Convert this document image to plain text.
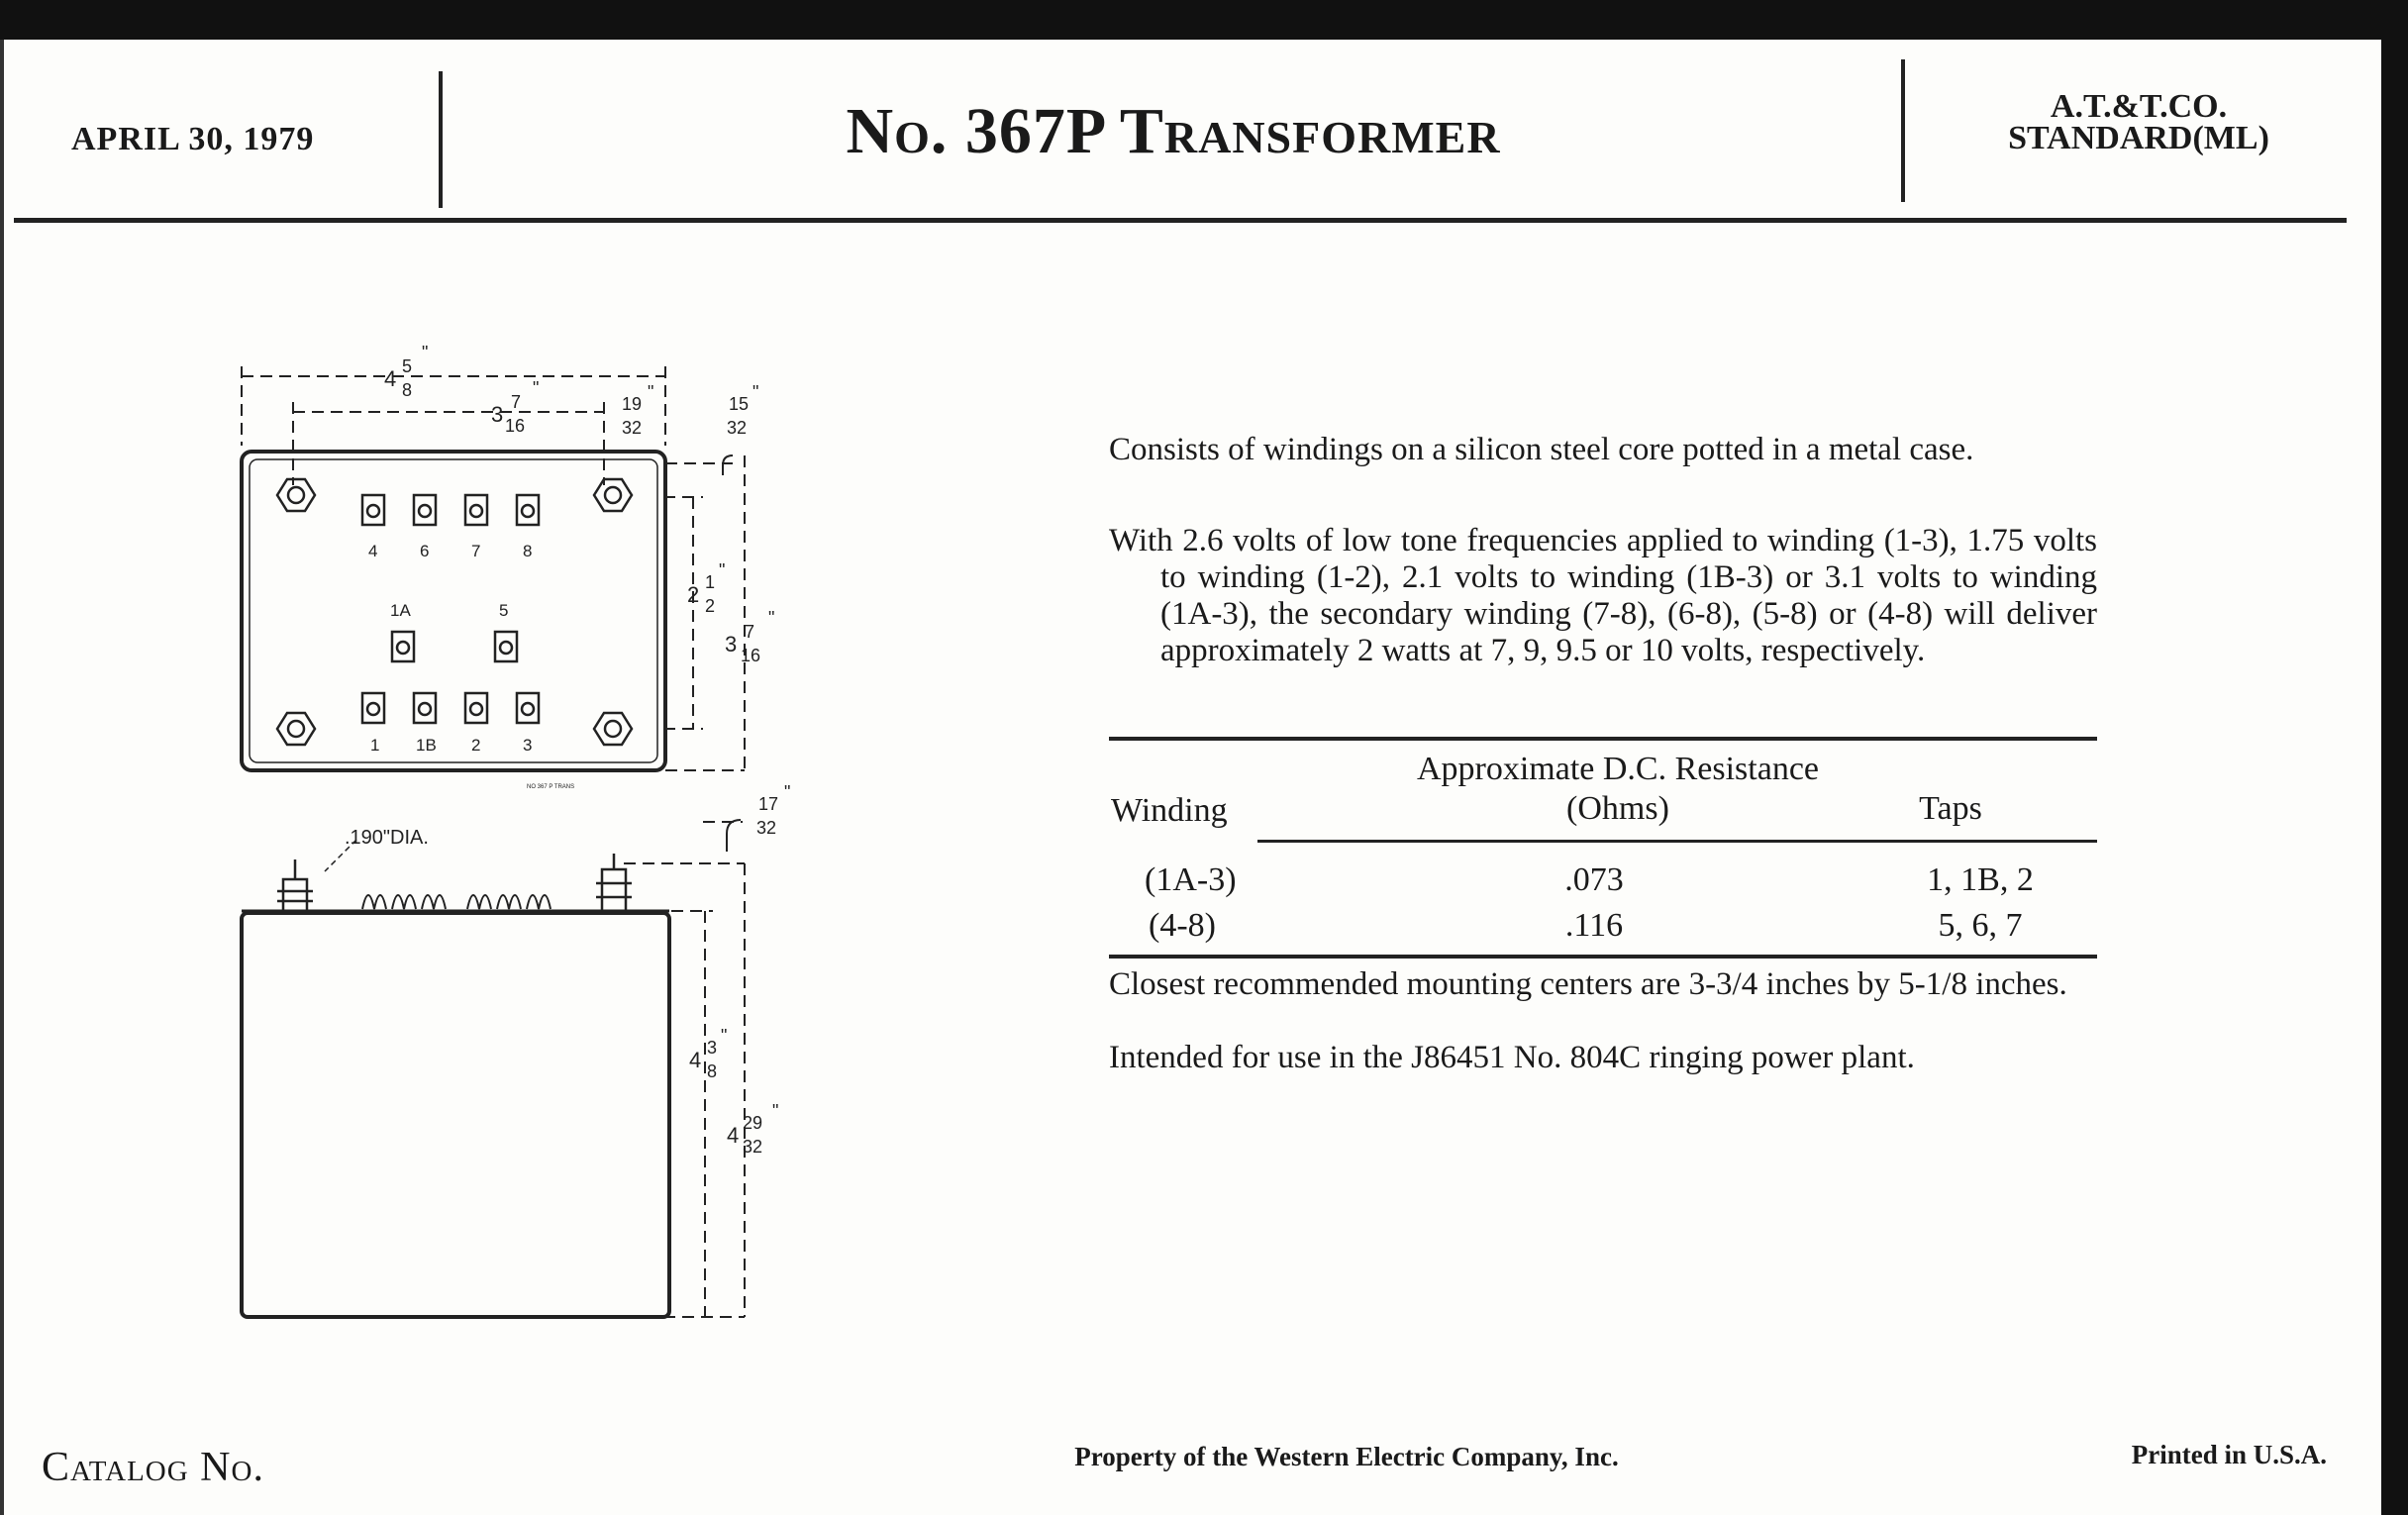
APRIL 30, 1979	No. 367P Transformer	A.T.&T.CO.
STANDARD(ML)
4 5
8
"
3 7
16
"
19
32
"
15
32
"
2 1
2
"
3 7
16
"
17
32
"
.190"DIA.
4 3
8
"
4 29
32
"
4	6	7	8
1A	5
1 1B 2	3
NO 367 P TRANS
Consists of windings on a silicon steel core potted in a metal case.
With 2.6 volts of low tone frequencies applied to winding (1-3), 1.75 volts to winding (1-2), 2.1 volts to winding (1B-3) or 3.1 volts to winding (1A-3), the secondary winding (7-8), (6-8), (5-8) or (4-8) will deliver approximately 2 watts at 7, 9, 9.5 or 10 volts, respectively.
Approximate D.C. Resistance
Winding	(Ohms)	Taps
(1A-3)	.073	1, 1B, 2
(4-8)	.116	5, 6, 7
Closest recommended mounting centers are 3-3/4 inches by 5-1/8 inches.
Intended for use in the J86451 No. 804C ringing power plant.
Catalog No.	Property of the Western Electric Company, Inc.	Printed in U.S.A.
